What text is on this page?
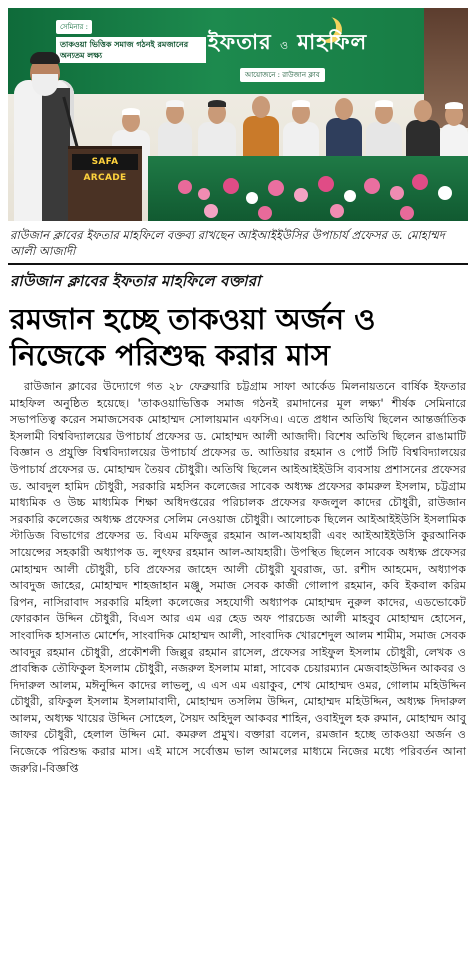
সেমিনার :
তাকওয়া ভিত্তিক সমাজ গঠনই রমজানের অন্যতম লক্ষ্য
ইফতার ও মাহফিল
আয়োজনে : রাউজান ক্লাব
SAFA ARCADE
রাউজান ক্লাবের ইফতার মাহফিলে বক্তব্য রাখছেন আইআইইউসির উপাচার্য প্রফেসর ড. মোহাম্মদ আলী আজাদী
রাউজান ক্লাবের ইফতার মাহফিলে বক্তারা
রমজান হচ্ছে তাকওয়া অর্জন ও নিজেকে পরিশুদ্ধ করার মাস
রাউজান ক্লাবের উদ্যোগে গত ২৮ ফেব্রুয়ারি চট্টগ্রাম সাফা আর্কেড মিলনায়তনে বার্ষিক ইফতার মাহফিল অনুষ্ঠিত হয়েছে। 'তাকওয়াভিত্তিক সমাজ গঠনই রমাদানের মূল লক্ষ্য' শীর্ষক সেমিনারে সভাপতিত্ব করেন সমাজসেবক মোহাম্মদ সোলায়মান এফসিএ। এতে প্রধান অতিথি ছিলেন আন্তর্জাতিক ইসলামী বিশ্ববিদ্যালয়ের উপাচার্য প্রফেসর ড. মোহাম্মদ আলী আজাদী। বিশেষ অতিথি ছিলেন রাঙামাটি বিজ্ঞান ও প্রযুক্তি বিশ্ববিদ্যালয়ের উপাচার্য প্রফেসর ড. আতিয়ার রহমান ও পোর্ট সিটি বিশ্ববিদ্যালয়ের উপাচার্য প্রফেসর ড. মোহাম্মদ তৈয়ব চৌধুরী। অতিথি ছিলেন আইআইইউসি ব্যবসায় প্রশাসনের প্রফেসর ড. আবদুল হামিদ চৌধুরী, সরকারি মহসিন কলেজের সাবেক অধ্যক্ষ প্রফেসর কামরুল ইসলাম, চট্টগ্রাম মাধ্যমিক ও উচ্চ মাধ্যমিক শিক্ষা অধিদপ্তরের পরিচালক প্রফেসর ফজলুল কাদের চৌধুরী, রাউজান সরকারি কলেজের অধ্যক্ষ প্রফেসর সেলিম নেওয়াজ চৌধুরী। আলোচক ছিলেন আইআইইউসি ইসলামিক স্টাডিজ বিভাগের প্রফেসর ড. বিএম মফিজুর রহমান আল-আযহারী এবং আইআইইউসি কুরআনিক সায়েন্সের সহকারী অধ্যাপক ড. লুৎফর রহমান আল-আযহারী। উপস্থিত ছিলেন সাবেক অধ্যক্ষ প্রফেসর মোহাম্মদ আলী চৌধুরী, চবি প্রফেসর জাহেদ আলী চৌধুরী যুবরাজ, ডা. রশীদ আহমেদ, অধ্যাপক আবদুজ জাহের, মোহাম্মদ শাহজাহান মঞ্জু, সমাজ সেবক কাজী গোলাপ রহমান, কবি ইকবাল করিম রিপন, নাসিরাবাদ সরকারি মহিলা কলেজের সহযোগী অধ্যাপক মোহাম্মদ নুরুল কাদের, এডভোকেট ফোরকান উদ্দিন চৌধুরী, বিএস আর এম এর হেড অফ পারচেজ আলী মাহবুব মোহাম্মদ হোসেন, সাংবাদিক হাসনাত মোর্শেদ, সাংবাদিক মোহাম্মদ আলী, সাংবাদিক খোরশেদুল আলম শামীম, সমাজ সেবক আবদুর রহমান চৌধুরী, প্রকৌশলী জিল্লুর রহমান রাসেল, প্রফেসর সাইফুল ইসলাম চৌধুরী, লেখক ও প্রাবন্ধিক তৌফিকুল ইসলাম চৌধুরী, নজরুল ইসলাম মান্না, সাবেক চেয়ারম্যান মেজবাহউদ্দিন আকবর ও দিদারুল আলম, মঈনুদ্দিন কাদের লাভলু, এ এস এম এয়াকুব, শেখ মোহাম্মদ ওমর, গোলাম মহিউদ্দিন চৌধুরী, রফিকুল ইসলাম ইসলামাবাদী, মোহাম্মদ তসলিম উদ্দিন, মোহাম্মদ মহিউদ্দিন, অধ্যক্ষ দিদারুল আলম, অধ্যক্ষ খায়ের উদ্দিন সোহেল, সৈয়দ অহিদুল আকবর শাহিন, ওবাইদুল হক রুমান, মোহাম্মদ আবু জাফর চৌধুরী, হেলাল উদ্দিন মো. কমরুল প্রমুখ। বক্তারা বলেন, রমজান হচ্ছে তাকওয়া অর্জন ও নিজেকে পরিশুদ্ধ করার মাস। এই মাসে সর্বোত্তম ভাল আমলের মাধ্যমে নিজের মধ্যে পরিবর্তন আনা জরুরি।-বিজ্ঞপ্তি
